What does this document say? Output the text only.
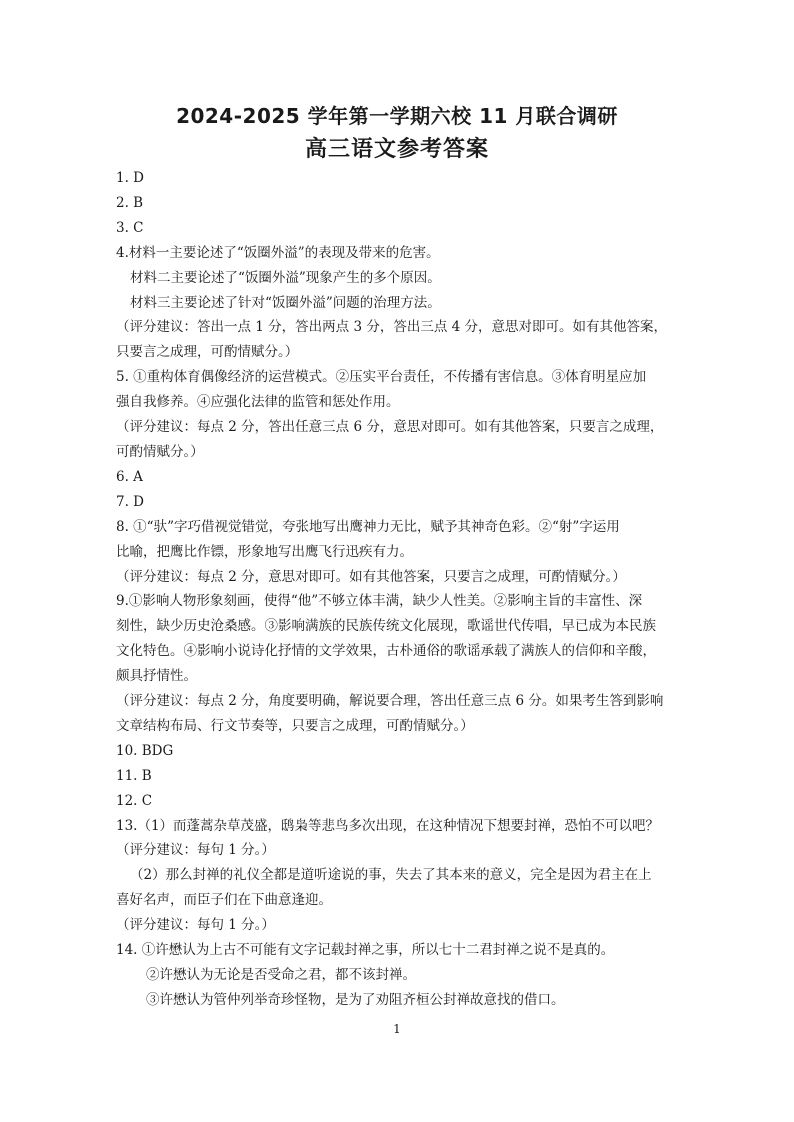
2024-2025 学年第一学期六校 11 月联合调研
高三语文参考答案
1. D
2. B
3. C
4.材料一主要论述了“饭圈外溢”的表现及带来的危害。
材料二主要论述了“饭圈外溢”现象产生的多个原因。
材料三主要论述了针对“饭圈外溢”问题的治理方法。
（评分建议：答出一点 1 分，答出两点 3 分，答出三点 4 分，意思对即可。如有其他答案，
只要言之成理，可酌情赋分。）
5. ①重构体育偶像经济的运营模式。②压实平台责任，不传播有害信息。③体育明星应加
强自我修养。④应强化法律的监管和惩处作用。
（评分建议：每点 2 分，答出任意三点 6 分，意思对即可。如有其他答案，只要言之成理，
可酌情赋分。）
6. A
7. D
8. ①“驮”字巧借视觉错觉，夸张地写出鹰神力无比，赋予其神奇色彩。②“射”字运用
比喻，把鹰比作镖，形象地写出鹰飞行迅疾有力。
（评分建议：每点 2 分，意思对即可。如有其他答案，只要言之成理，可酌情赋分。）
9.①影响人物形象刻画，使得“他”不够立体丰满，缺少人性美。②影响主旨的丰富性、深
刻性，缺少历史沧桑感。③影响满族的民族传统文化展现，歌谣世代传唱，早已成为本民族
文化特色。④影响小说诗化抒情的文学效果，古朴通俗的歌谣承载了满族人的信仰和辛酸，
颇具抒情性。
（评分建议：每点 2 分，角度要明确，解说要合理，答出任意三点 6 分。如果考生答到影响
文章结构布局、行文节奏等，只要言之成理，可酌情赋分。）
10. BDG
11. B
12. C
13.（1）而蓬蒿杂草茂盛，鸱枭等悲鸟多次出现，在这种情况下想要封禅，恐怕不可以吧？
（评分建议：每句 1 分。）
（2）那么封禅的礼仪全都是道听途说的事，失去了其本来的意义，完全是因为君主在上
喜好名声，而臣子们在下曲意逢迎。
（评分建议：每句 1 分。）
14. ①许懋认为上古不可能有文字记载封禅之事，所以七十二君封禅之说不是真的。
②许懋认为无论是否受命之君，都不该封禅。
③许懋认为管仲列举奇珍怪物，是为了劝阻齐桓公封禅故意找的借口。
1
